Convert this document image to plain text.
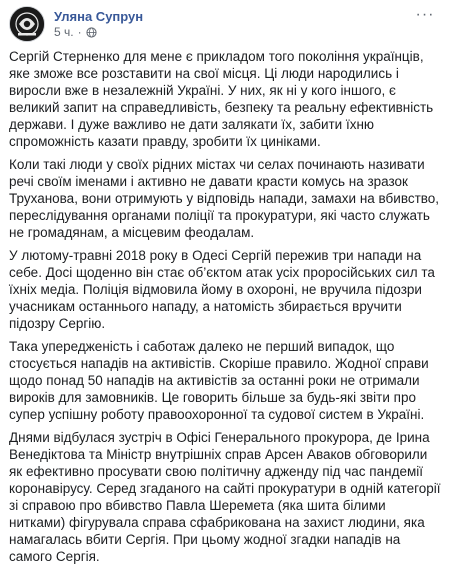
Уляна Супрун
5 ч. ·
···

Сергій Стерненко для мене є прикладом того покоління українців, яке зможе все розставити на свої місця. Ці люди народились і виросли вже в незалежній Україні. У них, як ні у кого іншого, є великий запит на справедливість, безпеку та реальну ефективність держави. І дуже важливо не дати залякати їх, забити їхню спроможність казати правду, зробити їх циніками.

Коли такі люди у своїх рідних містах чи селах починають називати речі своїм іменами і активно не давати красти комусь на зразок Труханова, вони отримують у відповідь напади, замахи на вбивство, переслідування органами поліції та прокуратури, які часто служать не громадянам, а місцевим феодалам.

У лютому-травні 2018 року в Одесі Сергій пережив три напади на себе. Досі щоденно він стає об’єктом атак усіх проросійських сил та їхніх медіа. Поліція відмовила йому в охороні, не вручила підозри учасникам останнього нападу, а натомість збирається вручити підозру Сергію.

Така упередженість і саботаж далеко не перший випадок, що стосується нападів на активістів. Скоріше правило. Жодної справи щодо понад 50 нападів на активістів за останні роки не отримали вироків для замовників. Це говорить більше за будь-які звіти про супер успішну роботу правоохоронної та судової систем в Україні.

Днями відбулася зустріч в Офісі Генерального прокурора, де Ірина Венедіктова та Міністр внутрішніх справ Арсен Аваков обговорили як ефективно просувати свою політичну аджeнду під час пандемії коронавірусу. Серед згаданого на сайті прокуратури в одній категорії зі справою про вбивство Павла Шеремета (яка шита білими нитками) фігурувала справа сфабрикована на захист людини, яка намагалась вбити Сергія. При цьому жодної згадки нападів на самого Сергія.
